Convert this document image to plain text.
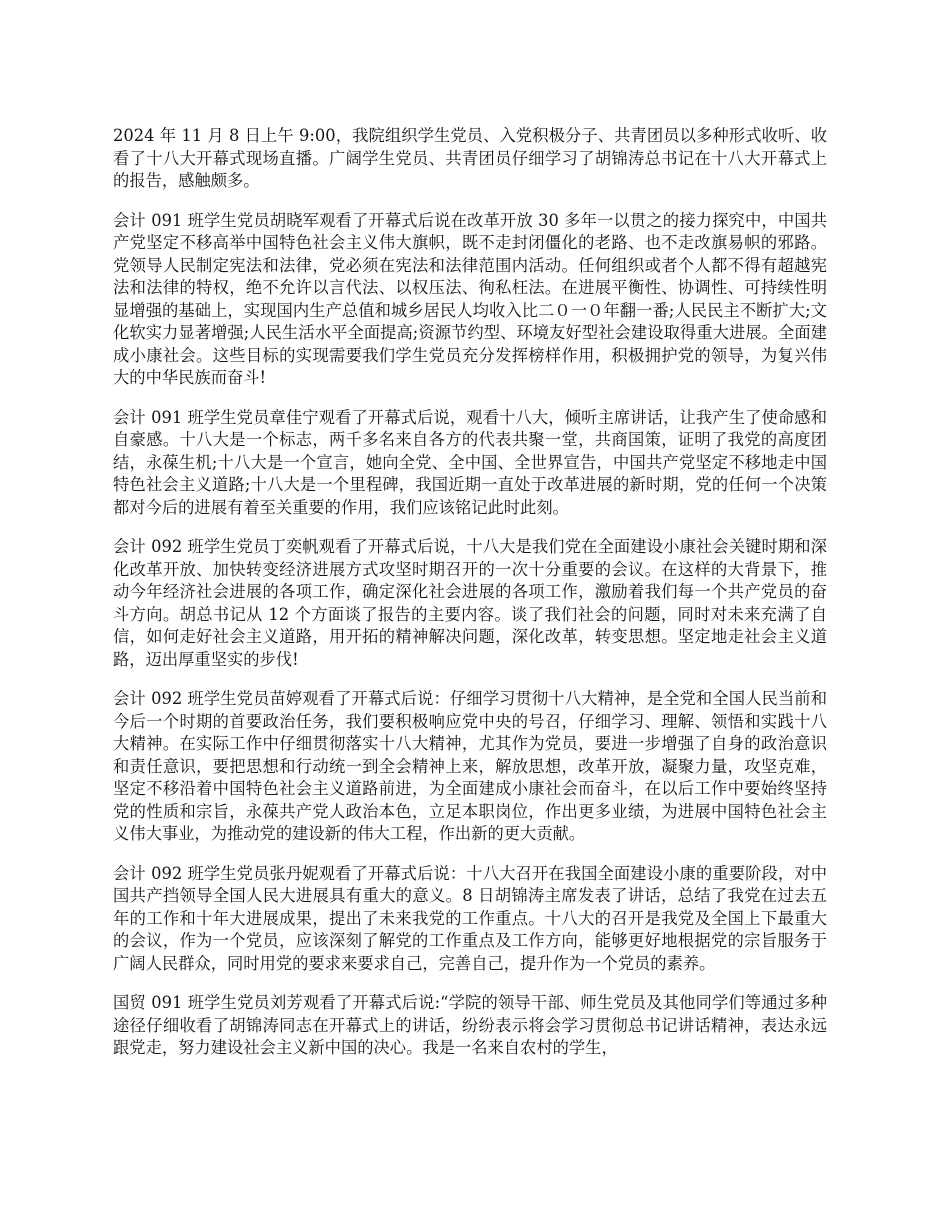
2024 年 11 月 8 日上午 9:00，我院组织学生党员、入党积极分子、共青团员以多种形式收听、收看了十八大开幕式现场直播。广阔学生党员、共青团员仔细学习了胡锦涛总书记在十八大开幕式上的报告，感触颇多。

会计 091 班学生党员胡晓军观看了开幕式后说在改革开放 30 多年一以贯之的接力探究中，中国共产党坚定不移高举中国特色社会主义伟大旗帜，既不走封闭僵化的老路、也不走改旗易帜的邪路。党领导人民制定宪法和法律，党必须在宪法和法律范围内活动。任何组织或者个人都不得有超越宪法和法律的特权，绝不允许以言代法、以权压法、徇私枉法。在进展平衡性、协调性、可持续性明显增强的基础上，实现国内生产总值和城乡居民人均收入比二０一０年翻一番;人民民主不断扩大;文化软实力显著增强;人民生活水平全面提高;资源节约型、环境友好型社会建设取得重大进展。全面建成小康社会。这些目标的实现需要我们学生党员充分发挥榜样作用，积极拥护党的领导，为复兴伟大的中华民族而奋斗!

会计 091 班学生党员章佳宁观看了开幕式后说，观看十八大，倾听主席讲话，让我产生了使命感和自豪感。十八大是一个标志，两千多名来自各方的代表共聚一堂，共商国策，证明了我党的高度团结，永葆生机;十八大是一个宣言，她向全党、全中国、全世界宣告，中国共产党坚定不移地走中国特色社会主义道路;十八大是一个里程碑，我国近期一直处于改革进展的新时期，党的任何一个决策都对今后的进展有着至关重要的作用，我们应该铭记此时此刻。

会计 092 班学生党员丁奕帆观看了开幕式后说，十八大是我们党在全面建设小康社会关键时期和深化改革开放、加快转变经济进展方式攻坚时期召开的一次十分重要的会议。在这样的大背景下，推动今年经济社会进展的各项工作，确定深化社会进展的各项工作，激励着我们每一个共产党员的奋斗方向。胡总书记从 12 个方面谈了报告的主要内容。谈了我们社会的问题，同时对未来充满了自信，如何走好社会主义道路，用开拓的精神解决问题，深化改革，转变思想。坚定地走社会主义道路，迈出厚重坚实的步伐!

会计 092 班学生党员苗婷观看了开幕式后说：仔细学习贯彻十八大精神，是全党和全国人民当前和今后一个时期的首要政治任务，我们要积极响应党中央的号召，仔细学习、理解、领悟和实践十八大精神。在实际工作中仔细贯彻落实十八大精神，尤其作为党员，要进一步增强了自身的政治意识和责任意识，要把思想和行动统一到全会精神上来，解放思想，改革开放，凝聚力量，攻坚克难，坚定不移沿着中国特色社会主义道路前进，为全面建成小康社会而奋斗，在以后工作中要始终坚持党的性质和宗旨，永葆共产党人政治本色，立足本职岗位，作出更多业绩，为进展中国特色社会主义伟大事业，为推动党的建设新的伟大工程，作出新的更大贡献。

会计 092 班学生党员张丹妮观看了开幕式后说：十八大召开在我国全面建设小康的重要阶段，对中国共产挡领导全国人民大进展具有重大的意义。8 日胡锦涛主席发表了讲话，总结了我党在过去五年的工作和十年大进展成果，提出了未来我党的工作重点。十八大的召开是我党及全国上下最重大的会议，作为一个党员，应该深刻了解党的工作重点及工作方向，能够更好地根据党的宗旨服务于广阔人民群众，同时用党的要求来要求自己，完善自己，提升作为一个党员的素养。

国贸 091 班学生党员刘芳观看了开幕式后说:“学院的领导干部、师生党员及其他同学们等通过多种途径仔细收看了胡锦涛同志在开幕式上的讲话，纷纷表示将会学习贯彻总书记讲话精神，表达永远跟党走，努力建设社会主义新中国的决心。我是一名来自农村的学生，
